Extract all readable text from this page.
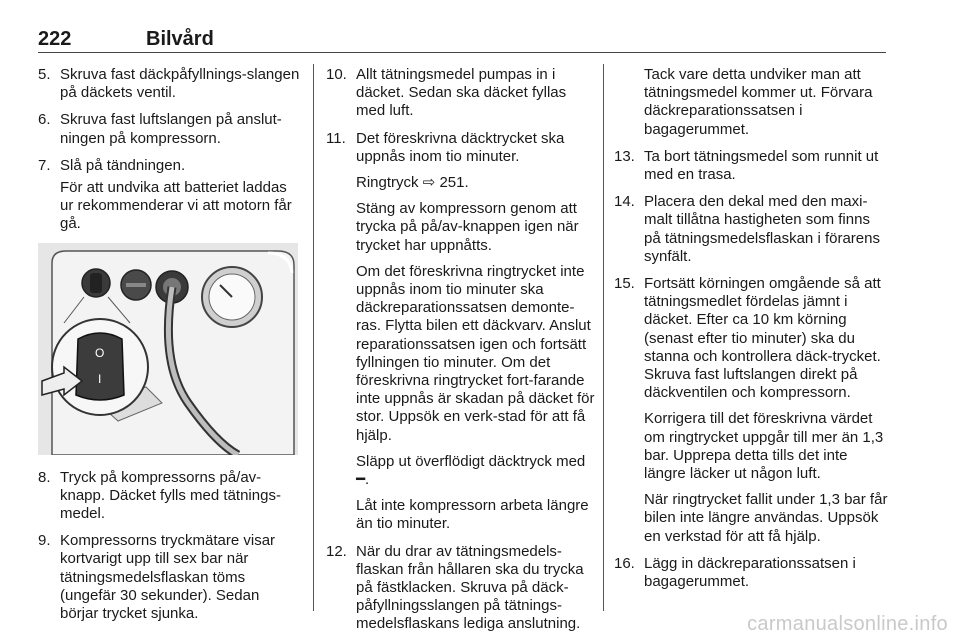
222	Bilvård
5. Skruva fast däckpåfyllnings-slangen på däckets ventil.
6. Skruva fast luftslangen på anslut-ningen på kompressorn.
7. Slå på tändningen.
För att undvika att batteriet laddas ur rekommenderar vi att motorn får gå.
O
I
8. Tryck på kompressorns på/av-knapp. Däcket fylls med tätnings-medel.
9. Kompressorns tryckmätare visar kortvarigt upp till sex bar när tätningsmedelsflaskan töms (ungefär 30 sekunder). Sedan börjar trycket sjunka.
10. Allt tätningsmedel pumpas in i däcket. Sedan ska däcket fyllas med luft.
11. Det föreskrivna däcktrycket ska uppnås inom tio minuter.
Ringtryck ⇨ 251.
Stäng av kompressorn genom att trycka på på/av-knappen igen när trycket har uppnåtts.
Om det föreskrivna ringtrycket inte uppnås inom tio minuter ska däckreparationssatsen demonte-ras. Flytta bilen ett däckvarv. Anslut reparationssatsen igen och fortsätt fyllningen tio minuter. Om det föreskrivna ringtrycket fort-farande inte uppnås är skadan på däcket för stor. Uppsök en verk-stad för att få hjälp.
Släpp ut överflödigt däcktryck med ━.
Låt inte kompressorn arbeta längre än tio minuter.
12. När du drar av tätningsmedels-flaskan från hållaren ska du trycka på fästklacken. Skruva på däck-påfyllningsslangen på tätnings-medelsflaskans lediga anslutning.
Tack vare detta undviker man att tätningsmedel kommer ut. Förvara däckreparationssatsen i bagagerummet.
13. Ta bort tätningsmedel som runnit ut med en trasa.
14. Placera den dekal med den maxi-malt tillåtna hastigheten som finns på tätningsmedelsflaskan i förarens synfält.
15. Fortsätt körningen omgående så att tätningsmedlet fördelas jämnt i däcket. Efter ca 10 km körning (senast efter tio minuter) ska du stanna och kontrollera däck-trycket. Skruva fast luftslangen direkt på däckventilen och kompressorn.
Korrigera till det föreskrivna värdet om ringtrycket uppgår till mer än 1,3 bar. Upprepa detta tills det inte längre läcker ut någon luft.
När ringtrycket fallit under 1,3 bar får bilen inte längre användas. Uppsök en verkstad för att få hjälp.
16. Lägg in däckreparationssatsen i bagagerummet.
carmanualsonline.info
